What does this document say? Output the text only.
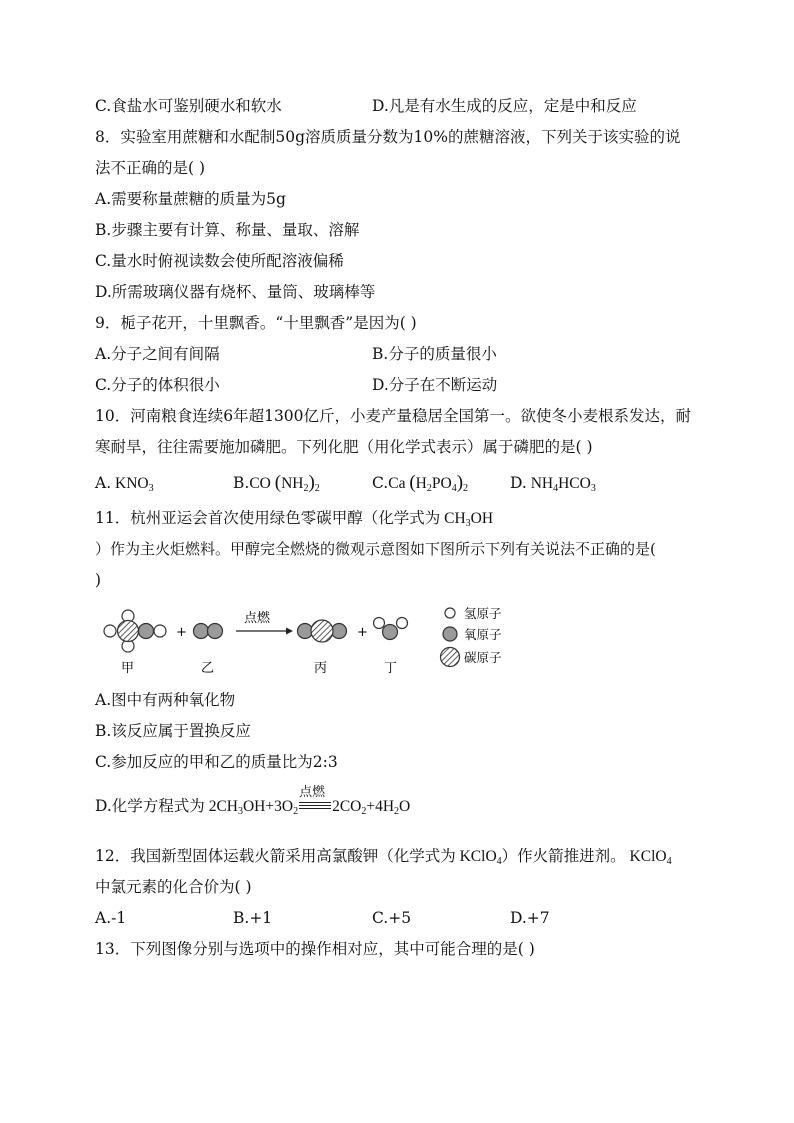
C.食盐水可鉴别硬水和软水	D.凡是有水生成的反应，定是中和反应
8．实验室用蔗糖和水配制50g溶质质量分数为10%的蔗糖溶液，下列关于该实验的说
法不正确的是( )
A.需要称量蔗糖的质量为5g
B.步骤主要有计算、称量、量取、溶解
C.量水时俯视读数会使所配溶液偏稀
D.所需玻璃仪器有烧杯、量筒、玻璃棒等
9．栀子花开，十里飘香。“十里飘香”是因为( )
A.分子之间有间隔	B.分子的质量很小
C.分子的体积很小	D.分子在不断运动
10．河南粮食连续6年超1300亿斤，小麦产量稳居全国第一。欲使冬小麦根系发达，耐
寒耐旱，往往需要施加磷肥。下列化肥（用化学式表示）属于磷肥的是( )
A. $KNO_3$	B.CO $(NH_2)_2$	C.Ca $(H_2PO_4)_2$	D. $NH_4HCO_3$
11．杭州亚运会首次使用绿色零碳甲醇（化学式为 $CH_3OH$
）作为主火炬燃料。甲醇完全燃烧的微观示意图如下图所示下列有关说法不正确的是(
)
+
点燃
+
甲	乙	丙	丁
氢原子
氧原子
碳原子
A.图中有两种氧化物
B.该反应属于置换反应
C.参加反应的甲和乙的质量比为2:3
D.化学方程式为 $2CH_3OH+3O_2$
点燃
$2CO_2+4H_2O$
12．我国新型固体运载火箭采用高氯酸钾（化学式为 KClO$_4$）作火箭推进剂。 KClO$_4$
中氯元素的化合价为( )
A.-1	B.+1	C.+5	D.+7
13．下列图像分别与选项中的操作相对应，其中可能合理的是( )
